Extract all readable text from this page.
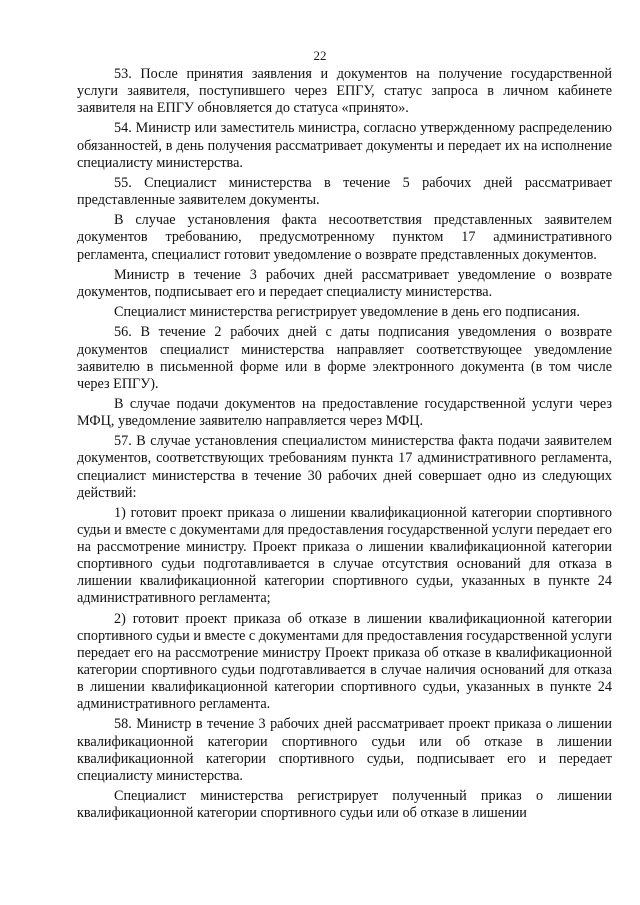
22

53. После принятия заявления и документов на получение государственной услуги заявителя, поступившего через ЕПГУ, статус запроса в личном кабинете заявителя на ЕПГУ обновляется до статуса «принято».

54. Министр или заместитель министра, согласно утвержденному распределению обязанностей, в день получения рассматривает документы и передает их на исполнение специалисту министерства.

55. Специалист министерства в течение 5 рабочих дней рассматривает представленные заявителем документы.

В случае установления факта несоответствия представленных заявителем документов требованию, предусмотренному пунктом 17 административного регламента, специалист готовит уведомление о возврате представленных документов.

Министр в течение 3 рабочих дней рассматривает уведомление о возврате документов, подписывает его и передает специалисту министерства.

Специалист министерства регистрирует уведомление в день его подписания.

56. В течение 2 рабочих дней с даты подписания уведомления о возврате документов специалист министерства направляет соответствующее уведомление заявителю в письменной форме или в форме электронного документа (в том числе через ЕПГУ).

В случае подачи документов на предоставление государственной услуги через МФЦ, уведомление заявителю направляется через МФЦ.

57. В случае установления специалистом министерства факта подачи заявителем документов, соответствующих требованиям пункта 17 административного регламента, специалист министерства в течение 30 рабочих дней совершает одно из следующих действий:

1) готовит проект приказа о лишении квалификационной категории спортивного судьи и вместе с документами для предоставления государственной услуги передает его на рассмотрение министру. Проект приказа о лишении квалификационной категории спортивного судьи подготавливается в случае отсутствия оснований для отказа в лишении квалификационной категории спортивного судьи, указанных в пункте 24 административного регламента;

2) готовит проект приказа об отказе в лишении квалификационной категории спортивного судьи и вместе с документами для предоставления государственной услуги передает его на рассмотрение министру Проект приказа об отказе в квалификационной категории спортивного судьи подготавливается в случае наличия оснований для отказа в лишении квалификационной категории спортивного судьи, указанных в пункте 24 административного регламента.

58. Министр в течение 3 рабочих дней рассматривает проект приказа о лишении квалификационной категории спортивного судьи или об отказе в лишении квалификационной категории спортивного судьи, подписывает его и передает специалисту министерства.

Специалист министерства регистрирует полученный приказ о лишении квалификационной категории спортивного судьи или об отказе в лишении
